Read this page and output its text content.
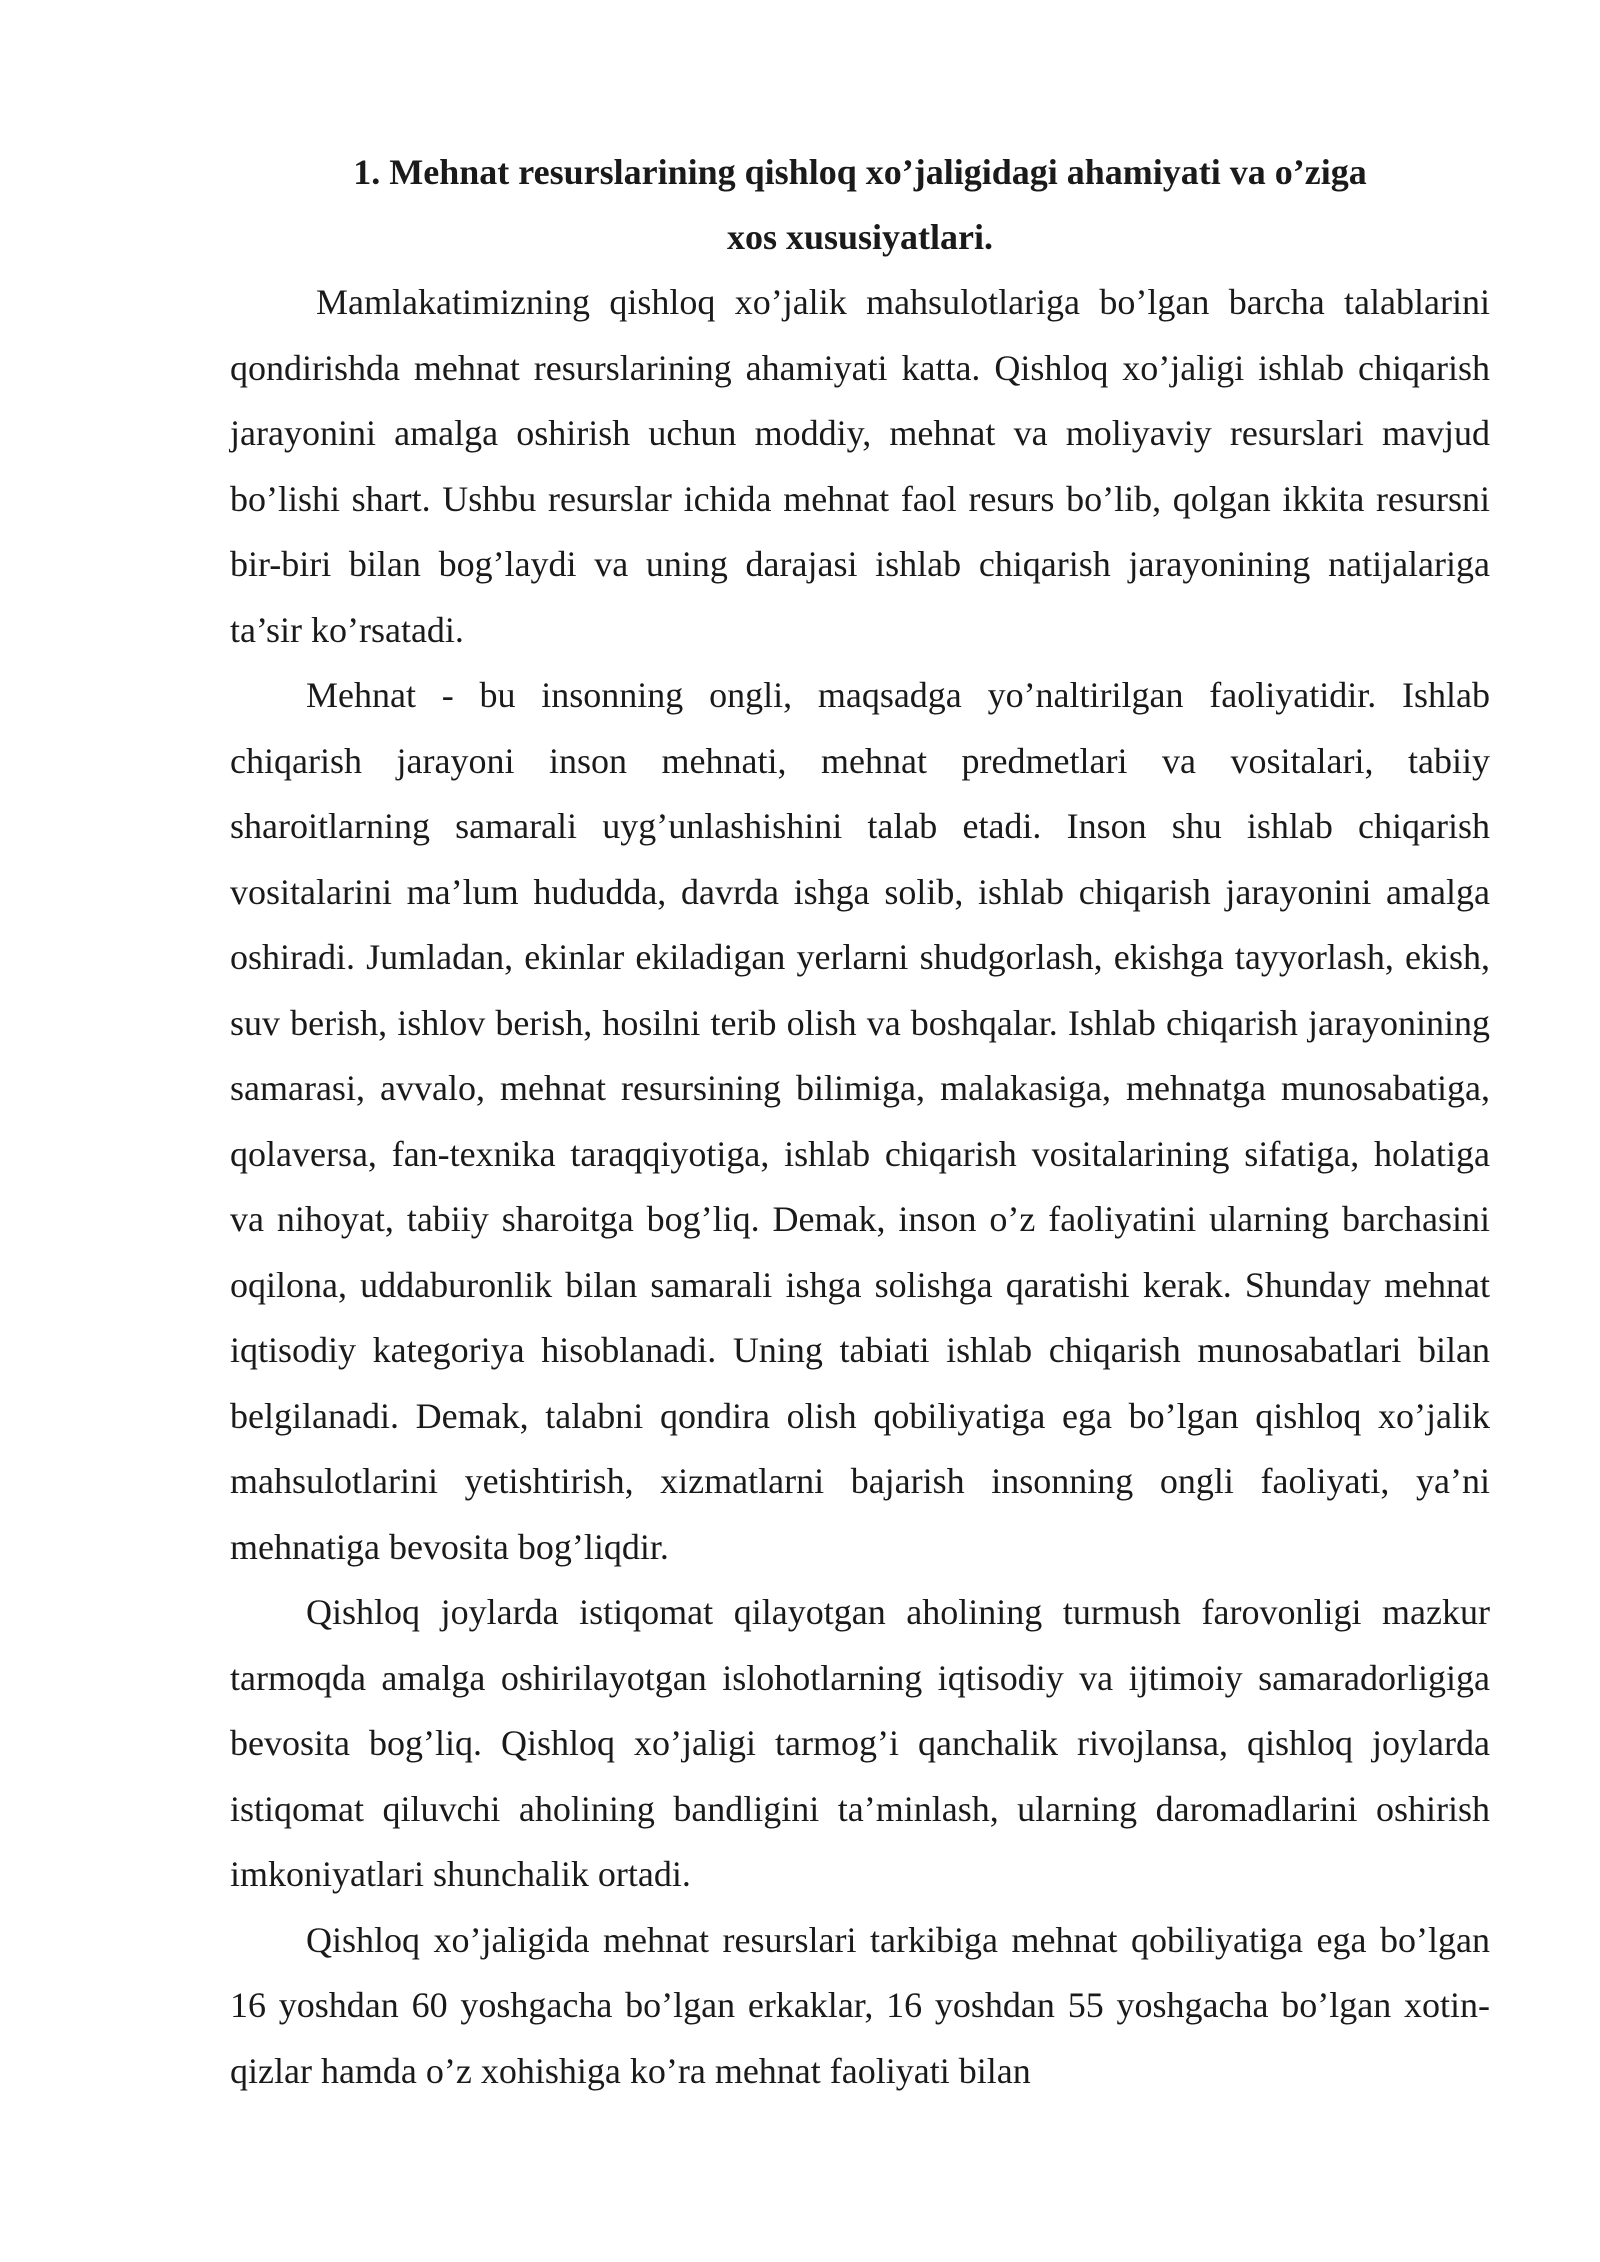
1. Mehnat resurslarining qishloq xo’jaligidagi ahamiyati va o’ziga
xos xususiyatlari.

Mamlakatimizning qishloq xo’jalik mahsulotlariga bo’lgan barcha talablarini qondirishda mehnat resurslarining ahamiyati katta. Qishloq xo’jaligi ishlab chiqarish jarayonini amalga oshirish uchun moddiy, mehnat va moliyaviy resurslari mavjud bo’lishi shart. Ushbu resurslar ichida mehnat faol resurs bo’lib, qolgan ikkita resursni bir-biri bilan bog’laydi va uning darajasi ishlab chiqarish jarayonining natijalariga ta’sir ko’rsatadi.

Mehnat - bu insonning ongli, maqsadga yo’naltirilgan faoliyatidir. Ishlab chiqarish jarayoni inson mehnati, mehnat predmetlari va vositalari, tabiiy sharoitlarning samarali uyg’unlashishini talab etadi. Inson shu ishlab chiqarish vositalarini ma’lum hududda, davrda ishga solib, ishlab chiqarish jarayonini amalga oshiradi. Jumladan, ekinlar ekiladigan yerlarni shudgorlash, ekishga tayyorlash, ekish, suv berish, ishlov berish, hosilni terib olish va boshqalar. Ishlab chiqarish jarayonining samarasi, avvalo, mehnat resursining bilimiga, malakasiga, mehnatga munosabatiga, qolaversa, fan-texnika taraqqiyotiga, ishlab chiqarish vositalarining sifatiga, holatiga va nihoyat, tabiiy sharoitga bog’liq. Demak, inson o’z faoliyatini ularning barchasini oqilona, uddaburonlik bilan samarali ishga solishga qaratishi kerak. Shunday mehnat iqtisodiy kategoriya hisoblanadi. Uning tabiati ishlab chiqarish munosabatlari bilan belgilanadi. Demak, talabni qondira olish qobiliyatiga ega bo’lgan qishloq xo’jalik mahsulotlarini yetishtirish, xizmatlarni bajarish insonning ongli faoliyati, ya’ni mehnatiga bevosita bog’liqdir.

Qishloq joylarda istiqomat qilayotgan aholining turmush farovonligi mazkur tarmoqda amalga oshirilayotgan islohotlarning iqtisodiy va ijtimoiy samaradorligiga bevosita bog’liq. Qishloq xo’jaligi tarmog’i qanchalik rivojlansa, qishloq joylarda istiqomat qiluvchi aholining bandligini ta’minlash, ularning daromadlarini oshirish imkoniyatlari shunchalik ortadi.

Qishloq xo’jaligida mehnat resurslari tarkibiga mehnat qobiliyatiga ega bo’lgan 16 yoshdan 60 yoshgacha bo’lgan erkaklar, 16 yoshdan 55 yoshgacha bo’lgan xotin-qizlar hamda o’z xohishiga ko’ra mehnat faoliyati bilan
